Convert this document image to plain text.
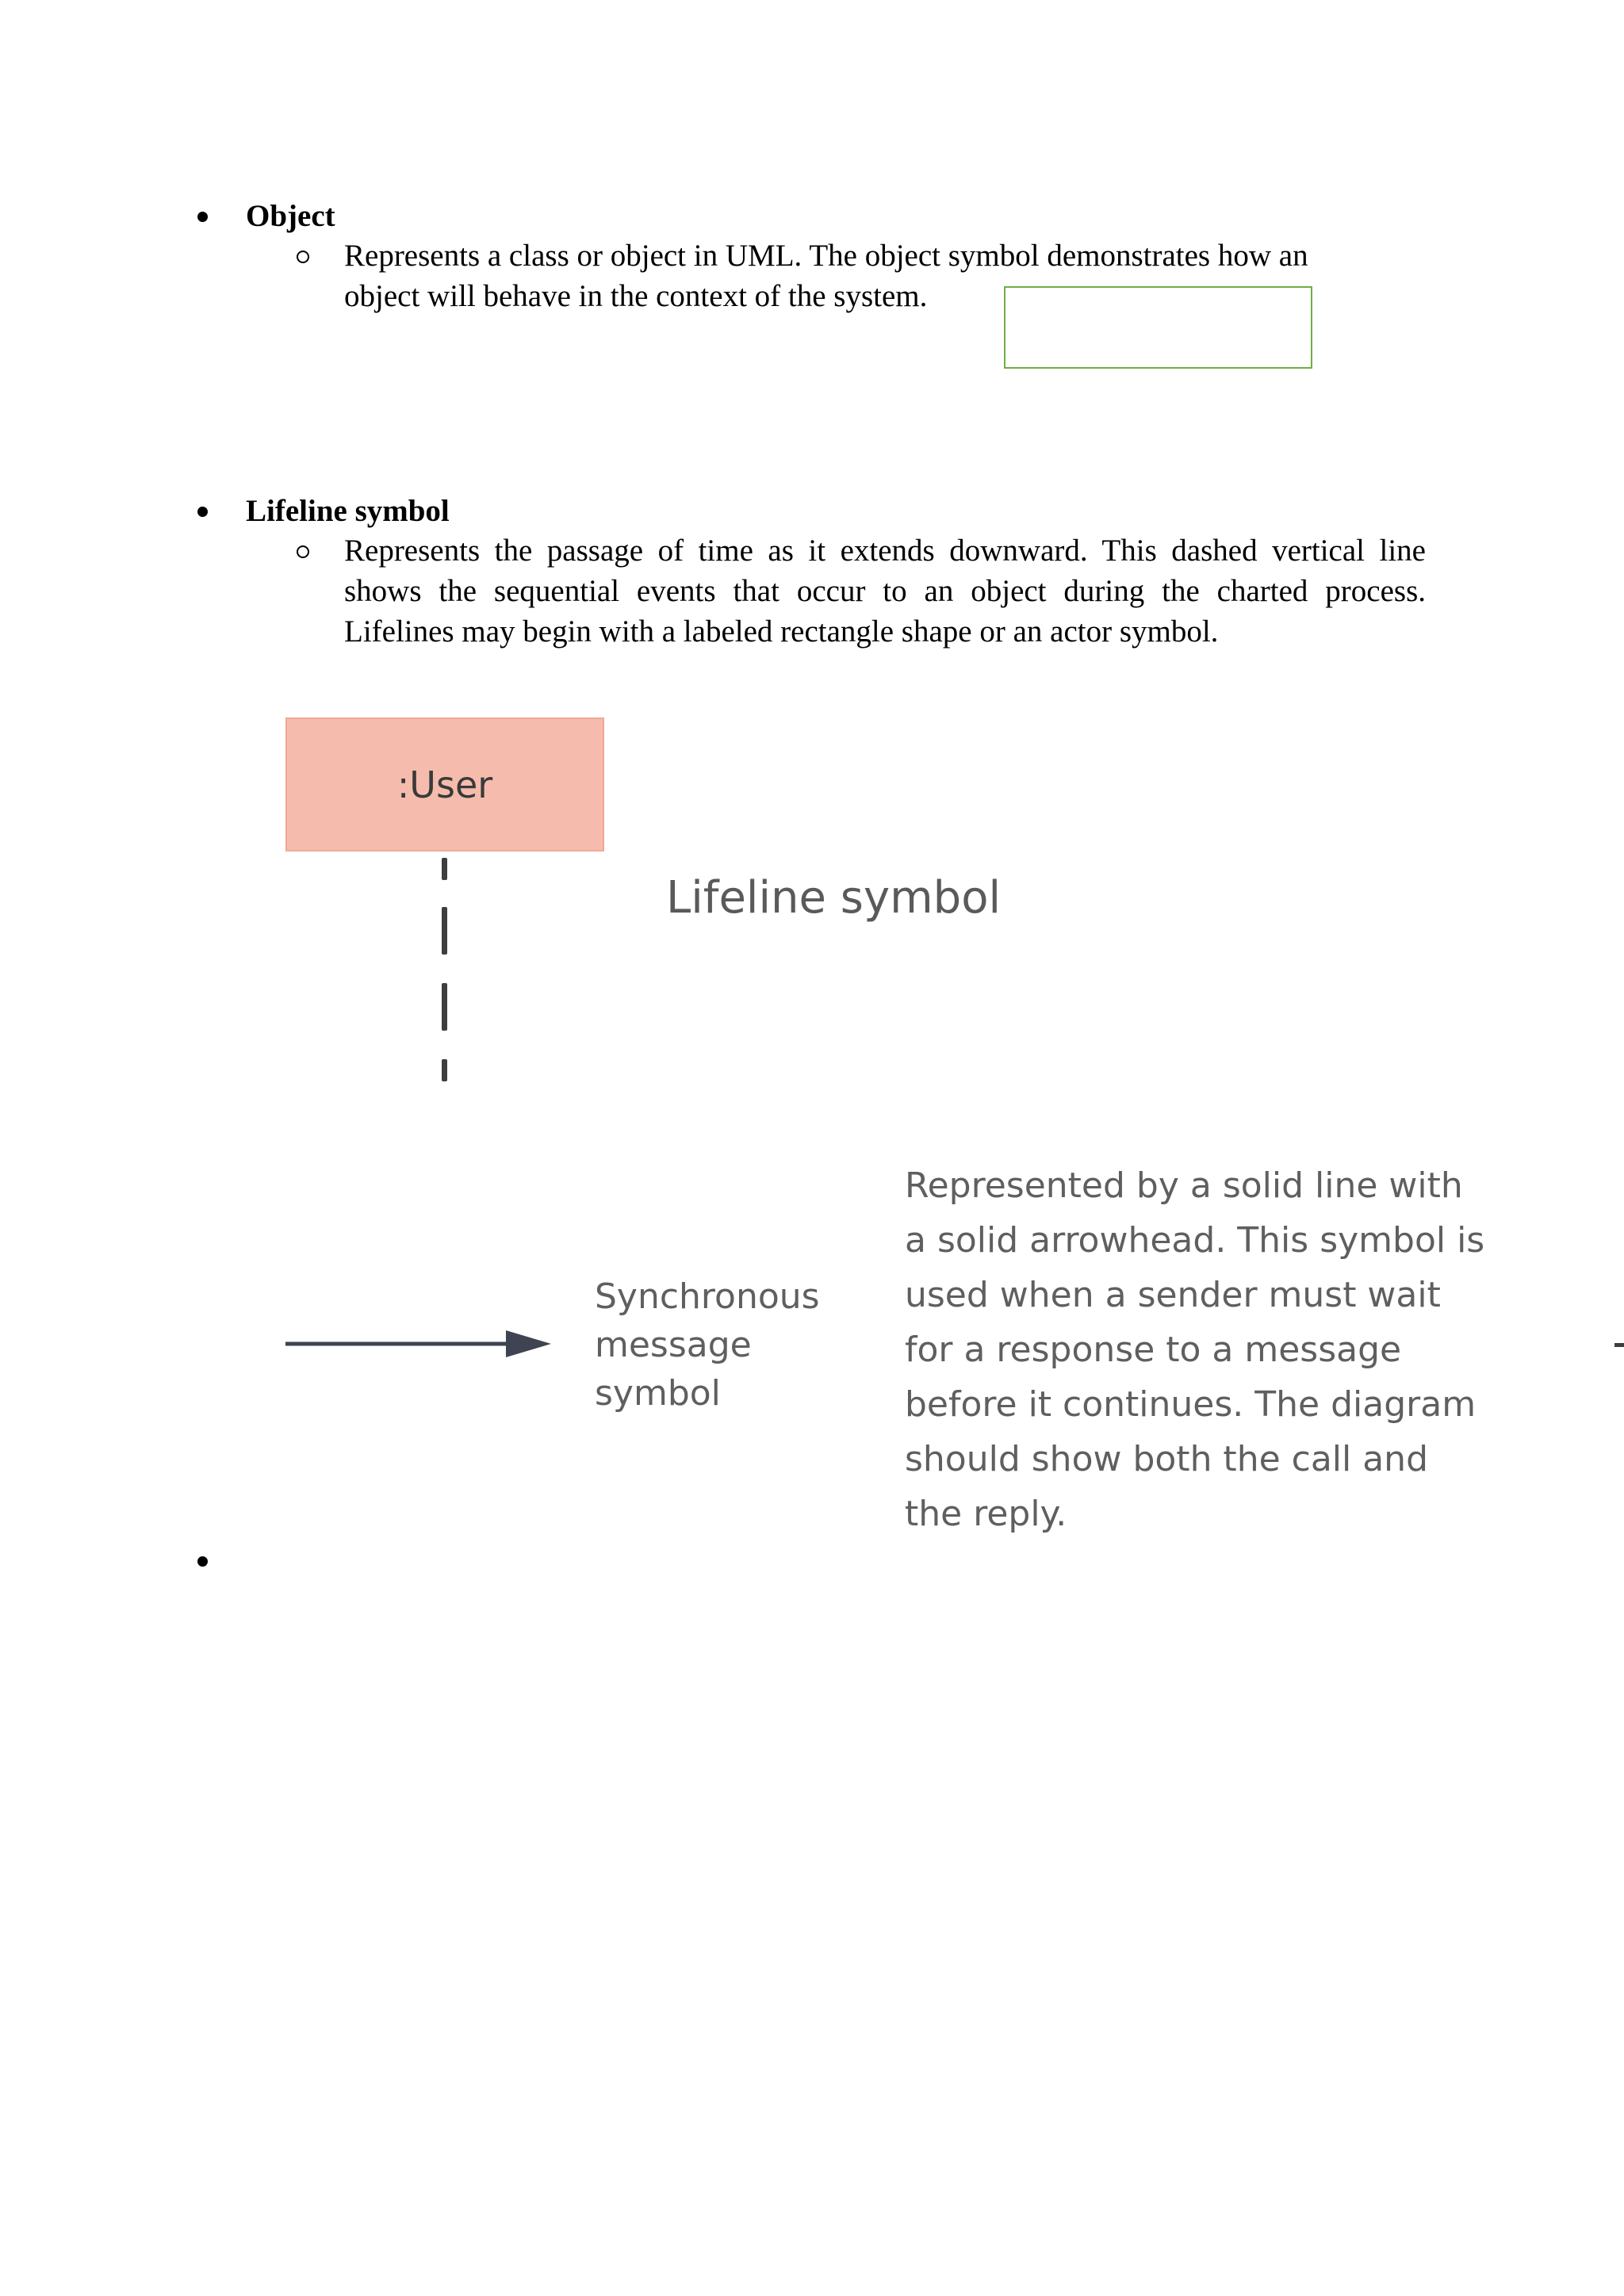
Object
Represents a class or object in UML. The object symbol demonstrates how an
object will behave in the context of the system.
Lifeline symbol
Represents the passage of time as it extends downward. This dashed vertical line
shows the sequential events that occur to an object during the charted process.
Lifelines may begin with a labeled rectangle shape or an actor symbol.
:User
Lifeline symbol
Synchronous
message
symbol
Represented by a solid line with
a solid arrowhead. This symbol is
used when a sender must wait
for a response to a message
before it continues. The diagram
should show both the call and
the reply.
